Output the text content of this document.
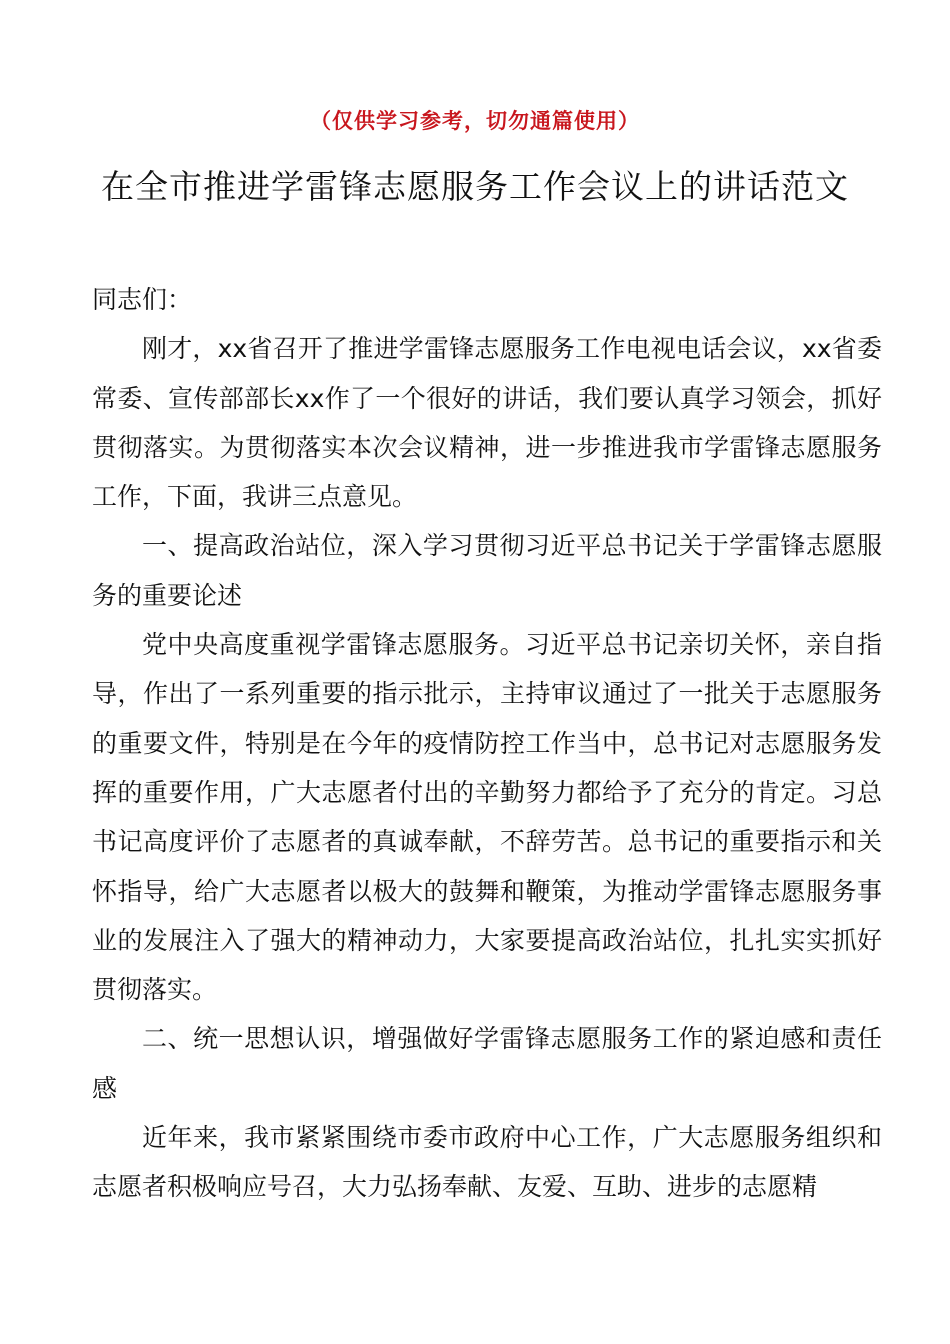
（仅供学习参考，切勿通篇使用）
在全市推进学雷锋志愿服务工作会议上的讲话范文

同志们：

刚才，xx省召开了推进学雷锋志愿服务工作电视电话会议，xx省委常委、宣传部部长xx作了一个很好的讲话，我们要认真学习领会，抓好贯彻落实。为贯彻落实本次会议精神，进一步推进我市学雷锋志愿服务工作，下面，我讲三点意见。

一、提高政治站位，深入学习贯彻习近平总书记关于学雷锋志愿服务的重要论述

党中央高度重视学雷锋志愿服务。习近平总书记亲切关怀，亲自指导，作出了一系列重要的指示批示，主持审议通过了一批关于志愿服务的重要文件，特别是在今年的疫情防控工作当中，总书记对志愿服务发挥的重要作用，广大志愿者付出的辛勤努力都给予了充分的肯定。习总书记高度评价了志愿者的真诚奉献，不辞劳苦。总书记的重要指示和关怀指导，给广大志愿者以极大的鼓舞和鞭策，为推动学雷锋志愿服务事业的发展注入了强大的精神动力，大家要提高政治站位，扎扎实实抓好贯彻落实。

二、统一思想认识，增强做好学雷锋志愿服务工作的紧迫感和责任感

近年来，我市紧紧围绕市委市政府中心工作，广大志愿服务组织和志愿者积极响应号召，大力弘扬奉献、友爱、互助、进步的志愿精
